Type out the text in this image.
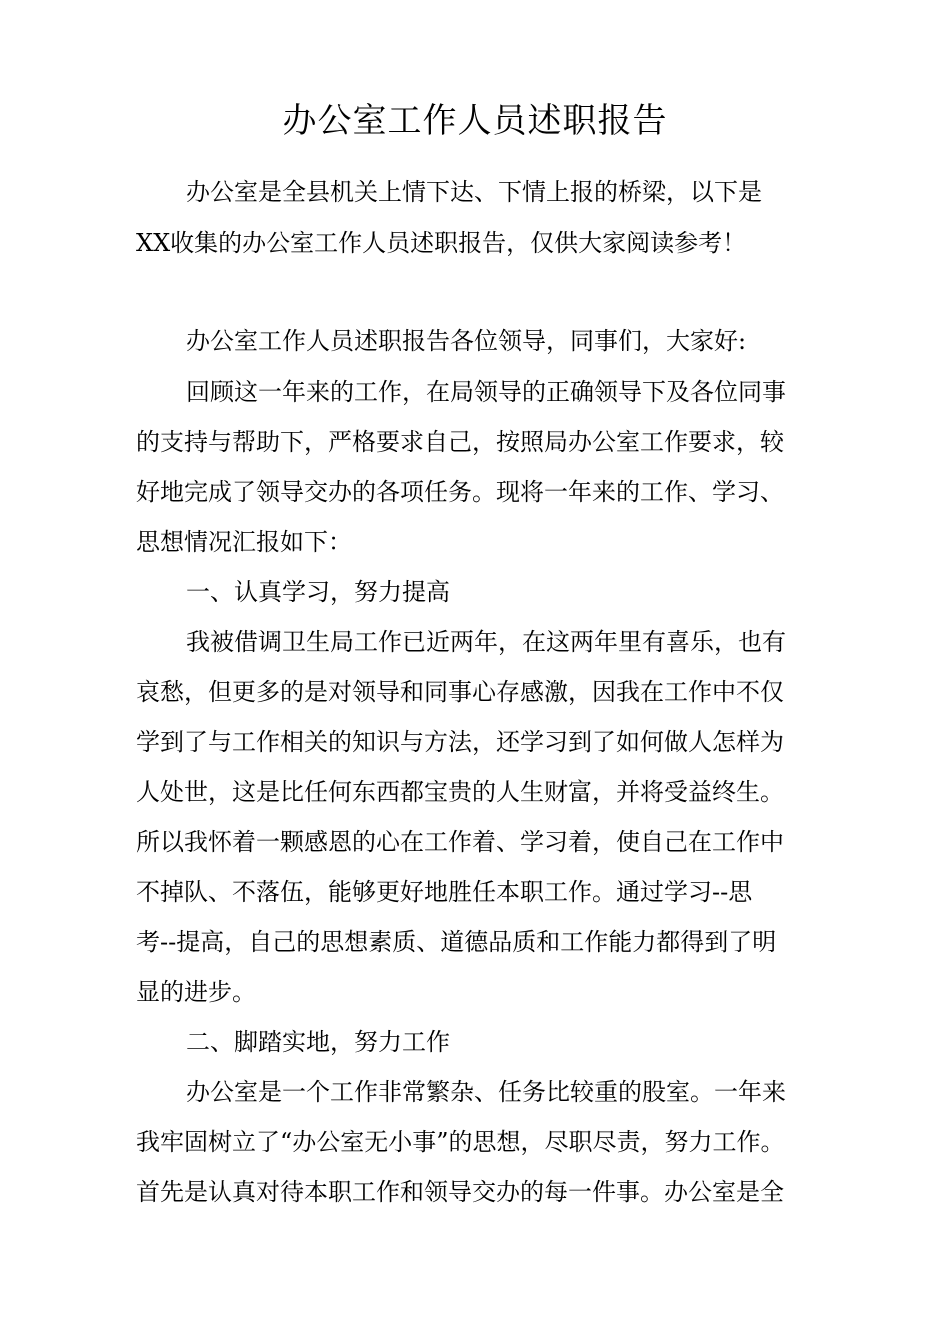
办公室工作人员述职报告
办公室是全县机关上情下达、下情上报的桥梁，以下是
XX收集的办公室工作人员述职报告，仅供大家阅读参考！
办公室工作人员述职报告各位领导，同事们，大家好:
回顾这一年来的工作，在局领导的正确领导下及各位同事
的支持与帮助下，严格要求自己，按照局办公室工作要求，较
好地完成了领导交办的各项任务。现将一年来的工作、学习、
思想情况汇报如下：
一、认真学习，努力提高
我被借调卫生局工作已近两年，在这两年里有喜乐，也有
哀愁，但更多的是对领导和同事心存感激，因我在工作中不仅
学到了与工作相关的知识与方法，还学习到了如何做人怎样为
人处世，这是比任何东西都宝贵的人生财富，并将受益终生。
所以我怀着一颗感恩的心在工作着、学习着，使自己在工作中
不掉队、不落伍，能够更好地胜任本职工作。通过学习--思
考--提高，自己的思想素质、道德品质和工作能力都得到了明
显的进步。
二、脚踏实地，努力工作
办公室是一个工作非常繁杂、任务比较重的股室。一年来
我牢固树立了“办公室无小事”的思想，尽职尽责，努力工作。
首先是认真对待本职工作和领导交办的每一件事。办公室是全
